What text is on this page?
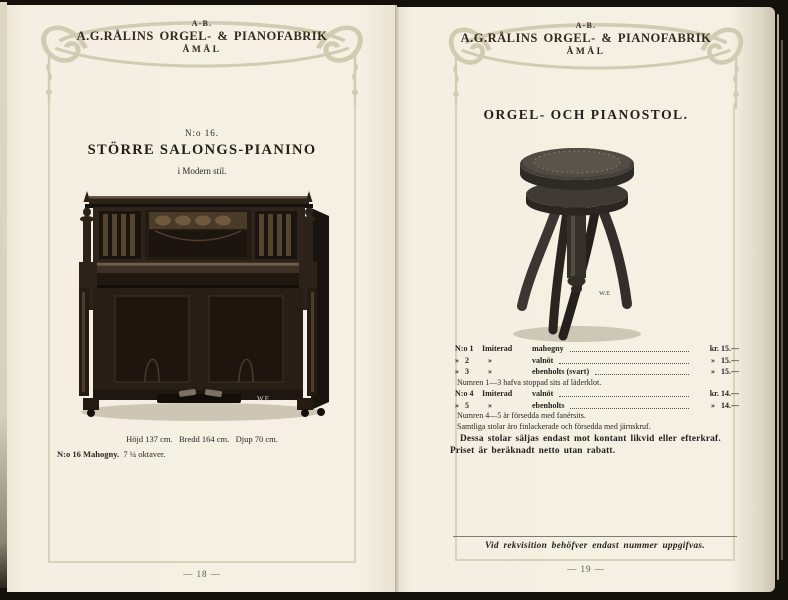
A-B.
A.G.RÅLINS ORGEL- & PIANOFABRIK
ÅMÅL
N:o 16.
STÖRRE SALONGS-PIANINO
i Modern stil.
W.E.
Höjd 137 cm.   Bredd 164 cm.   Djup 70 cm.
N:o 16 Mahogny.  7 ¼ oktaver.
— 18 —
A-B.
A.G.RÅLINS ORGEL- & PIANOFABRIK
ÅMÅL
ORGEL- OCH PIANOSTOL.
W.E
N:o 1	Imiterad	mahogny	kr. 15.—
»   2	»	valnöt	»   15.—
»   3	»	ebenholts (svart)	»   15.—
Numren 1—3 hafva stoppad sits af läderklot.
N:o 4	Imiterad	valnöt	kr. 14.—
»   5	»	ebenholts	»   14.—
Numren 4—5 är försedda med fanérsits.
Samtliga stolar äro finlackerade och försedda med järnskruf.
Dessa stolar säljas endast mot kontant likvid eller efterkraf.
Priset är beräknadt netto utan rabatt.
Vid rekvisition behöfver endast nummer uppgifvas.
— 19 —
